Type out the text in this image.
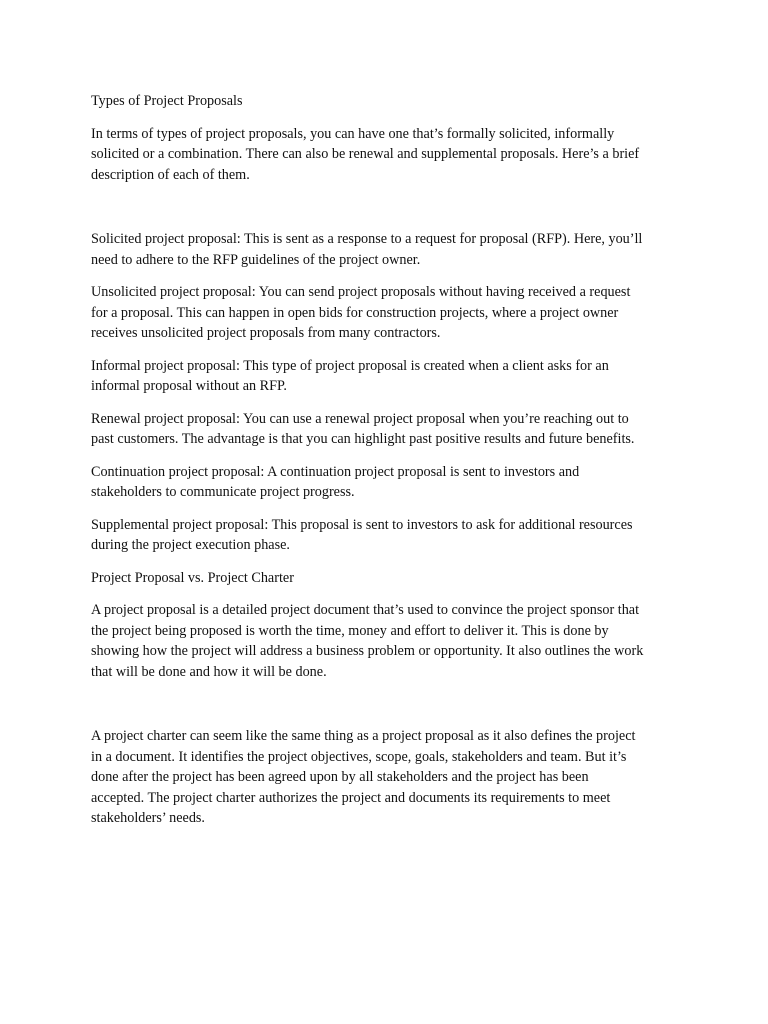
Types of Project Proposals

In terms of types of project proposals, you can have one that’s formally solicited, informally

solicited or a combination. There can also be renewal and supplemental proposals. Here’s a brief

description of each of them.

Solicited project proposal: This is sent as a response to a request for proposal (RFP). Here, you’ll

need to adhere to the RFP guidelines of the project owner.

Unsolicited project proposal: You can send project proposals without having received a request

for a proposal. This can happen in open bids for construction projects, where a project owner

receives unsolicited project proposals from many contractors.

Informal project proposal: This type of project proposal is created when a client asks for an

informal proposal without an RFP.

Renewal project proposal: You can use a renewal project proposal when you’re reaching out to

past customers. The advantage is that you can highlight past positive results and future benefits.

Continuation project proposal: A continuation project proposal is sent to investors and

stakeholders to communicate project progress.

Supplemental project proposal: This proposal is sent to investors to ask for additional resources

during the project execution phase.

Project Proposal vs. Project Charter

A project proposal is a detailed project document that’s used to convince the project sponsor that

the project being proposed is worth the time, money and effort to deliver it. This is done by

showing how the project will address a business problem or opportunity. It also outlines the work

that will be done and how it will be done.

A project charter can seem like the same thing as a project proposal as it also defines the project

in a document. It identifies the project objectives, scope, goals, stakeholders and team. But it’s

done after the project has been agreed upon by all stakeholders and the project has been

accepted. The project charter authorizes the project and documents its requirements to meet

stakeholders’ needs.
